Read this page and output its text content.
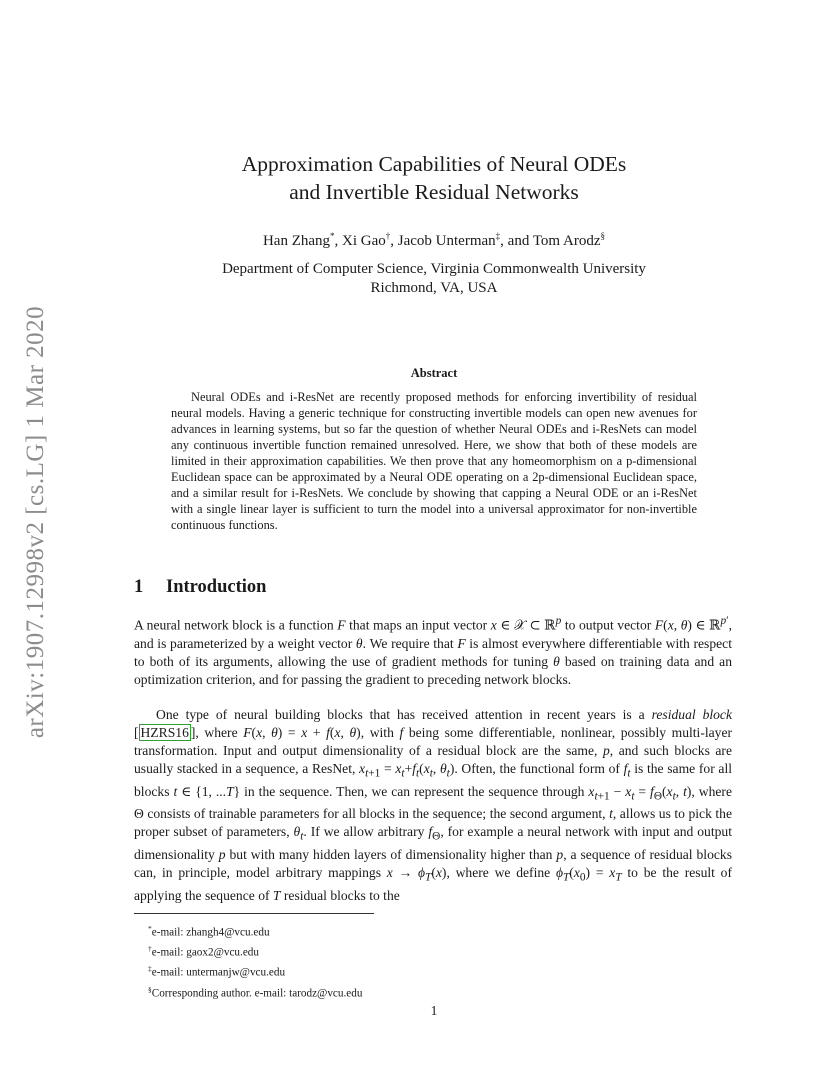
arXiv:1907.12998v2 [cs.LG] 1 Mar 2020
Approximation Capabilities of Neural ODEs
and Invertible Residual Networks
Han Zhang*, Xi Gao†, Jacob Unterman‡, and Tom Arodz§
Department of Computer Science, Virginia Commonwealth University
Richmond, VA, USA
Abstract
Neural ODEs and i-ResNet are recently proposed methods for enforcing invertibility of residual neural models. Having a generic technique for constructing invertible models can open new avenues for advances in learning systems, but so far the question of whether Neural ODEs and i-ResNets can model any continuous invertible function remained unresolved. Here, we show that both of these models are limited in their approximation capabilities. We then prove that any homeomorphism on a p-dimensional Euclidean space can be approximated by a Neural ODE operating on a 2p-dimensional Euclidean space, and a similar result for i-ResNets. We conclude by showing that capping a Neural ODE or an i-ResNet with a single linear layer is sufficient to turn the model into a universal approximator for non-invertible continuous functions.
1 Introduction
A neural network block is a function F that maps an input vector x ∈ 𝒳 ⊂ ℝ$^p$ to output vector F(x, θ) ∈ ℝ$^{p'}$, and is parameterized by a weight vector θ. We require that F is almost everywhere differentiable with respect to both of its arguments, allowing the use of gradient methods for tuning θ based on training data and an optimization criterion, and for passing the gradient to preceding network blocks.
One type of neural building blocks that has received attention in recent years is a residual block [ HZRS16 ], where F(x, θ) = x + f(x, θ), with f being some differentiable, nonlinear, possibly multi-layer transformation. Input and output dimensionality of a residual block are the same, p, and such blocks are usually stacked in a sequence, a ResNet, $x_{t+1} = x_t+f_t(x_t$, $\theta_t$). Often, the functional form of $f_t$ is the same for all blocks t ∈ {1, ...T} in the sequence. Then, we can represent the sequence through $x_{t+1} - x_t = f_\Theta(x_t$, t), where Θ consists of trainable parameters for all blocks in the sequence; the second argument, t, allows us to pick the proper subset of parameters, $\theta_t$. If we allow arbitrary $f_\Theta$, for example a neural network with input and output dimensionality p but with many hidden layers of dimensionality higher than p, a sequence of residual blocks can, in principle, model arbitrary mappings $x \to \phi_T(x)$, where we define $\phi_T(x_0) = x_T$ to be the result of applying the sequence of T residual blocks to the
*e-mail: zhangh4@vcu.edu
†e-mail: gaox2@vcu.edu
‡e-mail: untermanjw@vcu.edu
§Corresponding author. e-mail: tarodz@vcu.edu
1
